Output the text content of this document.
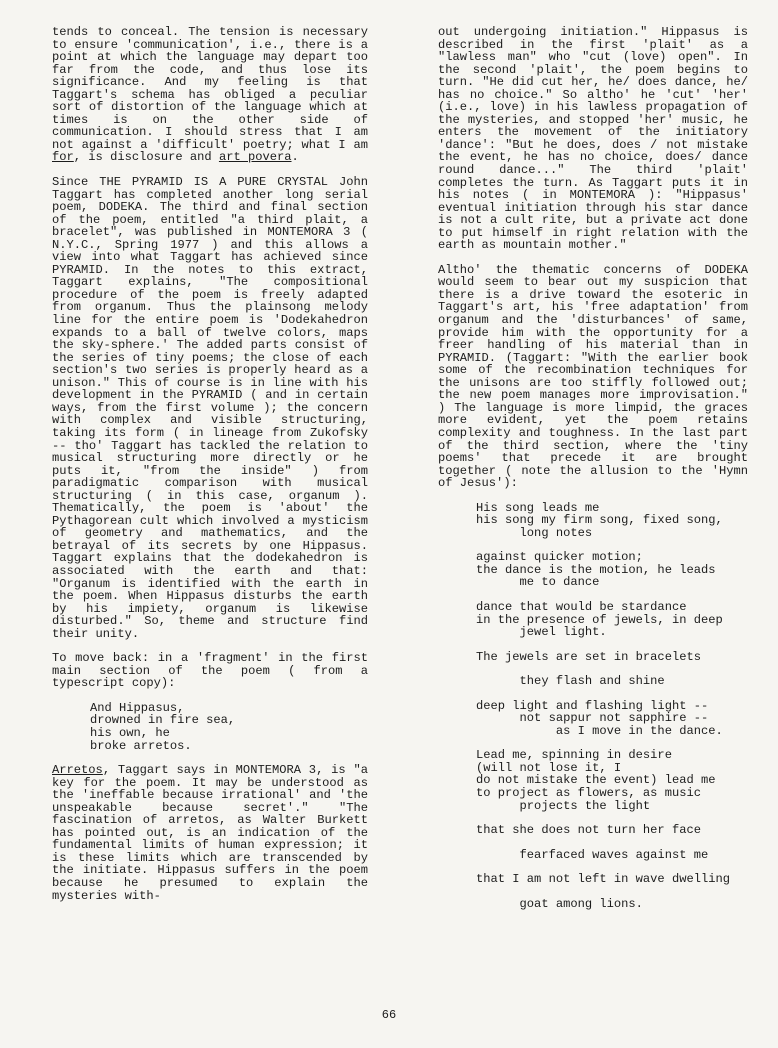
tends to conceal. The tension is necessary to ensure 'communication', i.e., there is a point at which the language may depart too far from the code, and thus lose its significance. And my feeling is that Taggart's schema has obliged a peculiar sort of distortion of the language which at times is on the other side of communication. I should stress that I am not against a 'difficult' poetry; what I am for, is disclosure and art povera.

Since THE PYRAMID IS A PURE CRYSTAL John Taggart has completed another long serial poem, DODEKA. The third and final section of the poem, entitled "a third plait, a bracelet", was published in MONTEMORA 3 ( N.Y.C., Spring 1977 ) and this allows a view into what Taggart has achieved since PYRAMID. In the notes to this extract, Taggart explains, "The compositional procedure of the poem is freely adapted from organum. Thus the plainsong melody line for the entire poem is 'Dodekahedron expands to a ball of twelve colors, maps the sky-sphere.' The added parts consist of the series of tiny poems; the close of each section's two series is properly heard as a unison." This of course is in line with his development in the PYRAMID ( and in certain ways, from the first volume ); the concern with complex and visible structuring, taking its form ( in lineage from Zukofsky -- tho' Taggart has tackled the relation to musical structuring more directly or he puts it, "from the inside" ) from paradigmatic comparison with musical structuring ( in this case, organum ). Thematically, the poem is 'about' the Pythagorean cult which involved a mysticism of geometry and mathematics, and the betrayal of its secrets by one Hippasus. Taggart explains that the dodekahedron is associated with the earth and that: "Organum is identified with the earth in the poem. When Hippasus disturbs the earth by his impiety, organum is likewise disturbed." So, theme and structure find their unity.

To move back: in a 'fragment' in the first main section of the poem ( from a typescript copy):

And Hippasus,
drowned in fire sea,
his own, he
broke arretos.

Arretos, Taggart says in MONTEMORA 3, is "a key for the poem. It may be understood as the 'ineffable because irrational' and 'the unspeakable because secret'." "The fascination of arretos, as Walter Burkett has pointed out, is an indication of the fundamental limits of human expression; it is these limits which are transcended by the initiate. Hippasus suffers in the poem because he presumed to explain the mysteries with-

out undergoing initiation." Hippasus is described in the first 'plait' as a "lawless man" who "cut (love) open". In the second 'plait', the poem begins to turn. "He did cut her, he/ does dance, he/ has no choice." So altho' he 'cut' 'her' (i.e., love) in his lawless propagation of the mysteries, and stopped 'her' music, he enters the movement of the initiatory 'dance': "But he does, does / not mistake the event, he has no choice, does/ dance round dance..." The third 'plait' completes the turn. As Taggart puts it in his notes ( in MONTEMORA ): "Hippasus' eventual initiation through his star dance is not a cult rite, but a private act done to put himself in right relation with the earth as mountain mother."

Altho' the thematic concerns of DODEKA would seem to bear out my suspicion that there is a drive toward the esoteric in Taggart's art, his 'free adaptation' from organum and the 'disturbances' of same, provide him with the opportunity for a freer handling of his material than in PYRAMID. (Taggart: "With the earlier book some of the recombination techniques for the unisons are too stiffly followed out; the new poem manages more improvisation." ) The language is more limpid, the graces more evident, yet the poem retains complexity and toughness. In the last part of the third section, where the 'tiny poems' that precede it are brought together ( note the allusion to the 'Hymn of Jesus'):

His song leads me
his song my firm song, fixed song,
long notes
against quicker motion;
the dance is the motion, he leads
me to dance
dance that would be stardance
in the presence of jewels, in deep
jewel light.
The jewels are set in bracelets
they flash and shine
deep light and flashing light --
not sappur not sapphire --
as I move in the dance.
Lead me, spinning in desire
(will not lose it, I
do not mistake the event) lead me
to project as flowers, as music
projects the light
that she does not turn her face
fearfaced waves against me
that I am not left in wave dwelling
goat among lions.
66
